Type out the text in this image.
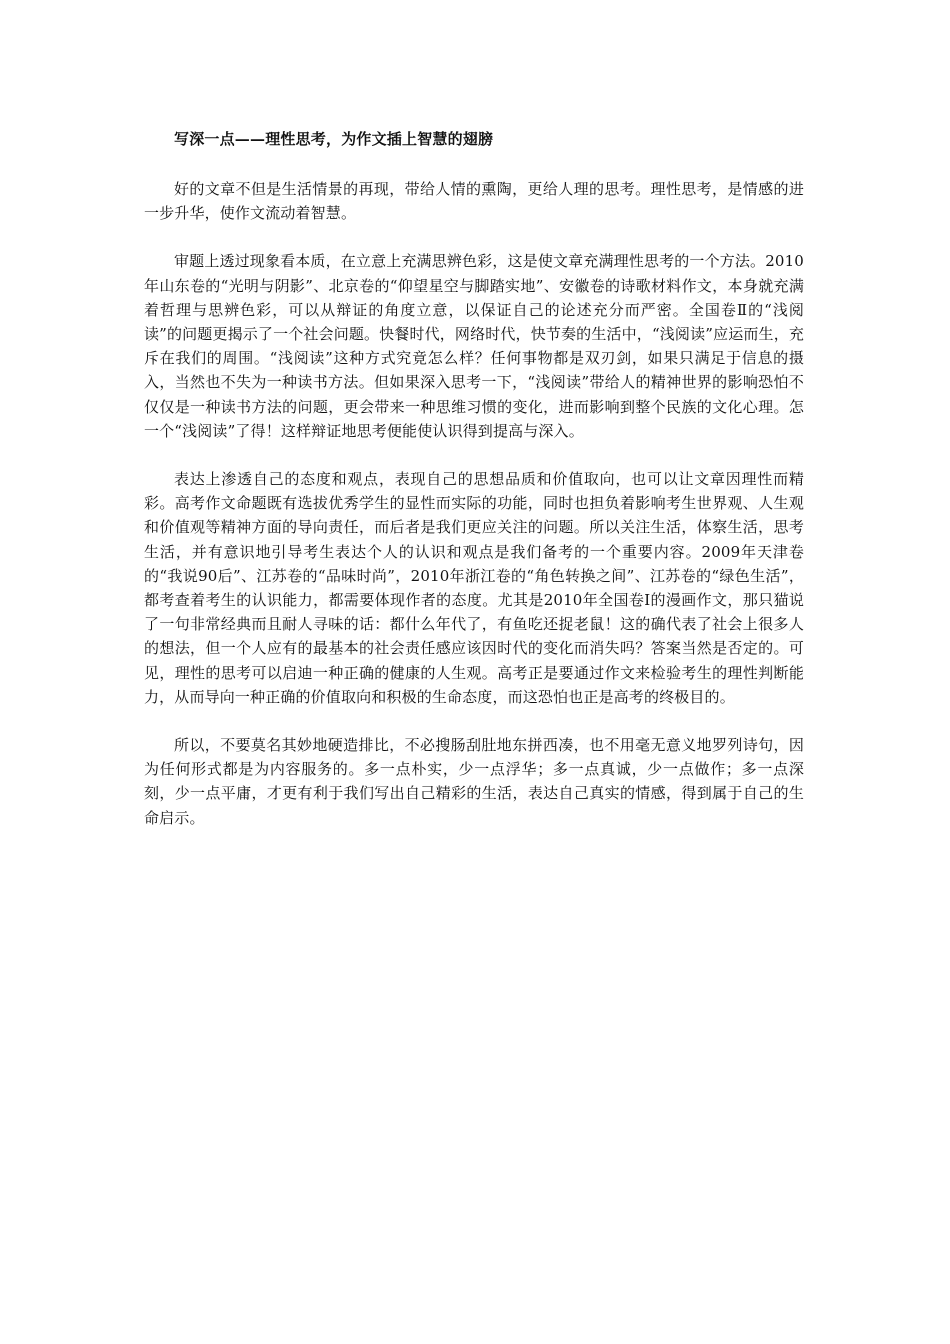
写深一点——理性思考，为作文插上智慧的翅膀

好的文章不但是生活情景的再现，带给人情的熏陶，更给人理的思考。理性思考，是情感的进一步升华，使作文流动着智慧。

审题上透过现象看本质，在立意上充满思辨色彩，这是使文章充满理性思考的一个方法。2010年山东卷的“光明与阴影”、北京卷的“仰望星空与脚踏实地”、安徽卷的诗歌材料作文，本身就充满着哲理与思辨色彩，可以从辩证的角度立意，以保证自己的论述充分而严密。全国卷Ⅱ的“浅阅读”的问题更揭示了一个社会问题。快餐时代，网络时代，快节奏的生活中，“浅阅读”应运而生，充斥在我们的周围。“浅阅读”这种方式究竟怎么样？任何事物都是双刃剑，如果只满足于信息的摄入，当然也不失为一种读书方法。但如果深入思考一下，“浅阅读”带给人的精神世界的影响恐怕不仅仅是一种读书方法的问题，更会带来一种思维习惯的变化，进而影响到整个民族的文化心理。怎一个“浅阅读”了得！这样辩证地思考便能使认识得到提高与深入。

表达上渗透自己的态度和观点，表现自己的思想品质和价值取向，也可以让文章因理性而精彩。高考作文命题既有选拔优秀学生的显性而实际的功能，同时也担负着影响考生世界观、人生观和价值观等精神方面的导向责任，而后者是我们更应关注的问题。所以关注生活，体察生活，思考生活，并有意识地引导考生表达个人的认识和观点是我们备考的一个重要内容。2009年天津卷的“我说90后”、江苏卷的“品味时尚”，2010年浙江卷的“角色转换之间”、江苏卷的“绿色生活”，都考查着考生的认识能力，都需要体现作者的态度。尤其是2010年全国卷Ⅰ的漫画作文，那只猫说了一句非常经典而且耐人寻味的话：都什么年代了，有鱼吃还捉老鼠！这的确代表了社会上很多人的想法，但一个人应有的最基本的社会责任感应该因时代的变化而消失吗？答案当然是否定的。可见，理性的思考可以启迪一种正确的健康的人生观。高考正是要通过作文来检验考生的理性判断能力，从而导向一种正确的价值取向和积极的生命态度，而这恐怕也正是高考的终极目的。

所以，不要莫名其妙地硬造排比，不必搜肠刮肚地东拼西凑，也不用毫无意义地罗列诗句，因为任何形式都是为内容服务的。多一点朴实，少一点浮华；多一点真诚，少一点做作；多一点深刻，少一点平庸，才更有利于我们写出自己精彩的生活，表达自己真实的情感，得到属于自己的生命启示。
